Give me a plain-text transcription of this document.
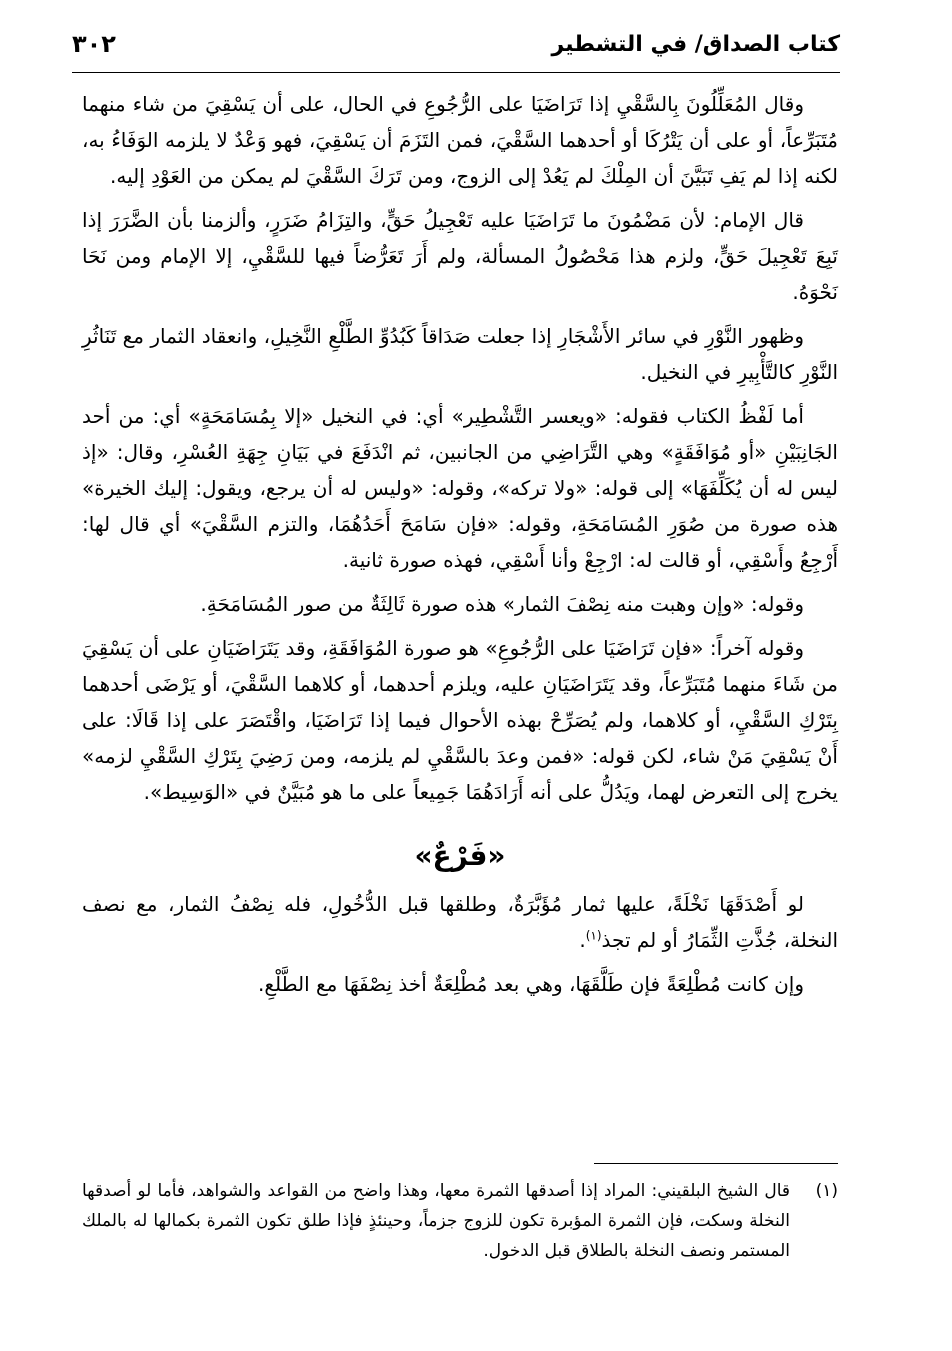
كتاب الصداق/ في التشطير
٣٠٢

وقال المُعَلِّلُونَ بِالسَّقْيِ إذا تَرَاضَيَا على الرُّجُوعِ في الحال، على أن يَسْقِيَ من شاء منهما مُتَبَرِّعاً، أو على أن يَتْرُكَا أو أحدهما السَّقْيَ، فمن التَزَمَ أن يَسْقِيَ، فهو وَعْدٌ لا يلزمه الوَفَاءُ به، لكنه إذا لم يَفِ تَبَيَّنَ أن المِلْكَ لم يَعُدْ إلى الزوج، ومن تَرَكَ السَّقْيَ لم يمكن من العَوْدِ إليه.

قال الإمام: لأن مَضْمُونَ ما تَرَاضَيَا عليه تَعْجِيلُ حَقٍّ، والتِزَامُ ضَرَرٍ، وألزمنا بأن الضَّرَرَ إذا تَبِعَ تَعْجِيلَ حَقٍّ، ولزم هذا مَحْصُولُ المسألة، ولم أَرَ تَعَرُّضاً فيها للسَّقْيِ، إلا الإمام ومن نَحَا نَحْوَهُ.

وظهور النَّوْرِ في سائر الأَشْجَارِ إذا جعلت صَدَاقاً كَبُدُوِّ الطَّلْعِ النَّخِيلِ، وانعقاد الثمار مع تَنَاثُرِ النَّوْرِ كالتَّأْبِيرِ في النخيل.

أما لَفْظُ الكتاب فقوله: «ويعسر التَّشْطِير» أي: في النخيل «إلا بِمُسَامَحَةٍ» أي: من أحد الجَانِبَيْنِ «أو مُوَافَقَةٍ» وهي التَّرَاضِي من الجانبين، ثم انْدَفَعَ في بَيَانِ جِهَةِ العُسْرِ، وقال: «إذ ليس له أن يُكَلِّفَهَا» إلى قوله: «ولا تركه»، وقوله: «وليس له أن يرجع، ويقول: إليك الخيرة» هذه صورة من صُوَرِ المُسَامَحَةِ، وقوله: «فإن سَامَحَ أَحَدُهُمَا، والتزم السَّقْيَ» أي قال لها: أَرْجِعُ وأَسْقِي، أو قالت له: ارْجِعْ وأنا أَسْقِي، فهذه صورة ثانية.

وقوله: «وإن وهبت منه نِصْفَ الثمار» هذه صورة ثَالِثَةٌ من صور المُسَامَحَةِ.

وقوله آخراً: «فإن تَرَاضَيَا على الرُّجُوعِ» هو صورة المُوَافَقَةِ، وقد يَتَرَاضَيَانِ على أن يَسْقِيَ من شَاءَ منهما مُتَبَرِّعاً، وقد يَتَرَاضَيَانِ عليه، ويلزم أحدهما، أو كلاهما السَّقْيَ، أو يَرْضَى أحدهما بِتَرْكِ السَّقْيِ، أو كلاهما، ولم يُصَرِّحْ بهذه الأحوال فيما إذا تَرَاضَيَا، واقْتَصَرَ على إذا قَالَا: على أَنْ يَسْقِيَ مَنْ شاء، لكن قوله: «فمن وعدَ بالسَّقْيِ لم يلزمه، ومن رَضِيَ بِتَرْكِ السَّقْيِ لزمه» يخرج إلى التعرض لهما، ويَدُلُّ على أنه أَرَادَهُمَا جَمِيعاً على ما هو مُبَيَّنٌ في «الوَسِيط».

«فَرْعٌ»

لو أَصْدَقَهَا نَخْلَةً، عليها ثمار مُؤَبَّرَةٌ، وطلقها قبل الدُّخُولِ، فله نِصْفُ الثمار، مع نصف النخلة، جُذَّتِ الثِّمَارُ أو لم تجذ$^{(١)}$.

وإن كانت مُطْلِعَةً فإن طَلَّقَهَا، وهي بعد مُطْلِعَةٌ أخذ نِصْفَهَا مع الطَّلْعِ.

(١)
قال الشيخ البلقيني: المراد إذا أصدقها الثمرة معها، وهذا واضح من القواعد والشواهد، فأما لو أصدقها النخلة وسكت، فإن الثمرة المؤبرة تكون للزوج جزماً، وحينئذٍ فإذا طلق تكون الثمرة بكمالها له بالملك المستمر ونصف النخلة بالطلاق قبل الدخول.
